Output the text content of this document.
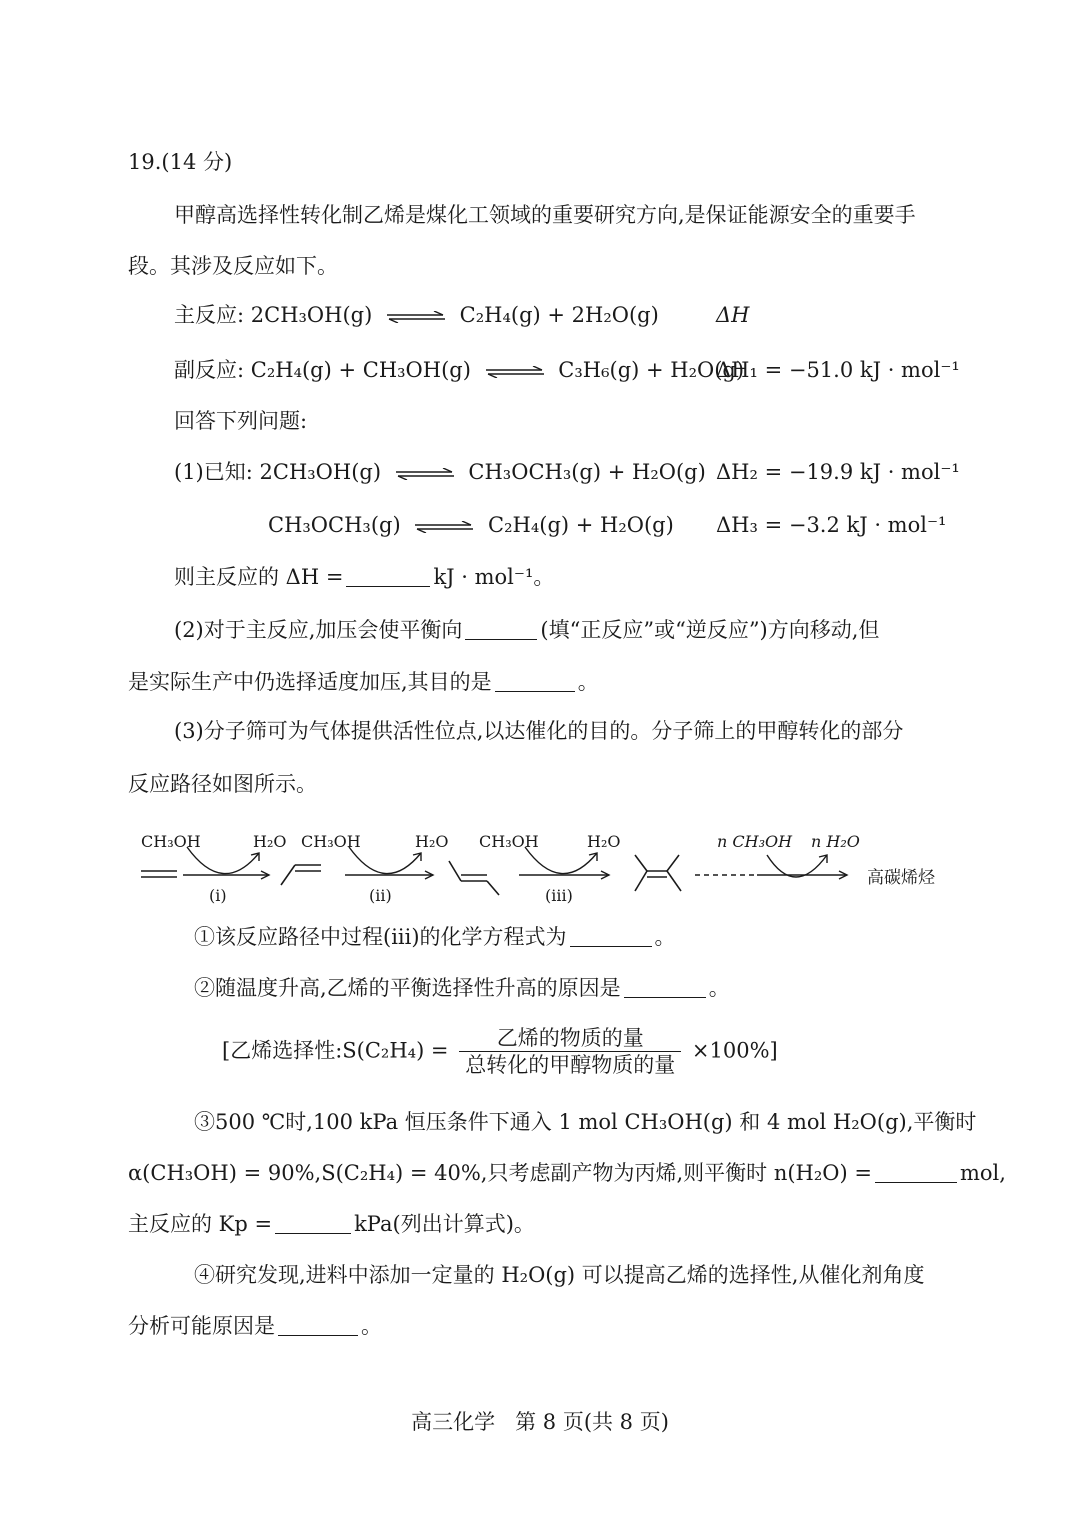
19.(14 分)
甲醇高选择性转化制乙烯是煤化工领域的重要研究方向,是保证能源安全的重要手
段。其涉及反应如下。
主反应: 2CH₃OH(g) ⇌ C₂H₄(g) + 2H₂O(g)	ΔH
副反应: C₂H₄(g) + CH₃OH(g) ⇌ C₃H₆(g) + H₂O(g)
ΔH₁ = −51.0 kJ · mol⁻¹
回答下列问题:
(1)已知: 2CH₃OH(g) ⇌ CH₃OCH₃(g) + H₂O(g) ΔH₂ = −19.9 kJ · mol⁻¹
CH₃OCH₃(g) ⇌ C₂H₄(g) + H₂O(g) ΔH₃ = −3.2 kJ · mol⁻¹
则主反应的 ΔH =	kJ · mol⁻¹。
(2)对于主反应,加压会使平衡向	(填“正反应”或“逆反应”)方向移动,但
是实际生产中仍选择适度加压,其目的是	。
(3)分子筛可为气体提供活性位点,以达催化的目的。分子筛上的甲醇转化的部分
反应路径如图所示。
CH₃OH	H₂O
(i)
CH₃OH	H₂O
(ii)
CH₃OH	H₂O
(iii)
n CH₃OH n H₂O
高碳烯烃
①该反应路径中过程(iii)的化学方程式为	。
②随温度升高,乙烯的平衡选择性升高的原因是	。
[乙烯选择性:S(C₂H₄) = $\frac{\text{乙烯的物质的量}}{\text{总转化的甲醇物质的量}} \times 100\%$]
③500 ℃时,100 kPa 恒压条件下通入 1 mol CH₃OH(g) 和 4 mol H₂O(g),平衡时
α(CH₃OH) = 90%,S(C₂H₄) = 40%,只考虑副产物为丙烯,则平衡时 n(H₂O) =	mol,
主反应的 Kp =	kPa(列出计算式)。
④研究发现,进料中添加一定量的 H₂O(g) 可以提高乙烯的选择性,从催化剂角度
分析可能原因是	。
高三化学   第 8 页(共 8 页)
